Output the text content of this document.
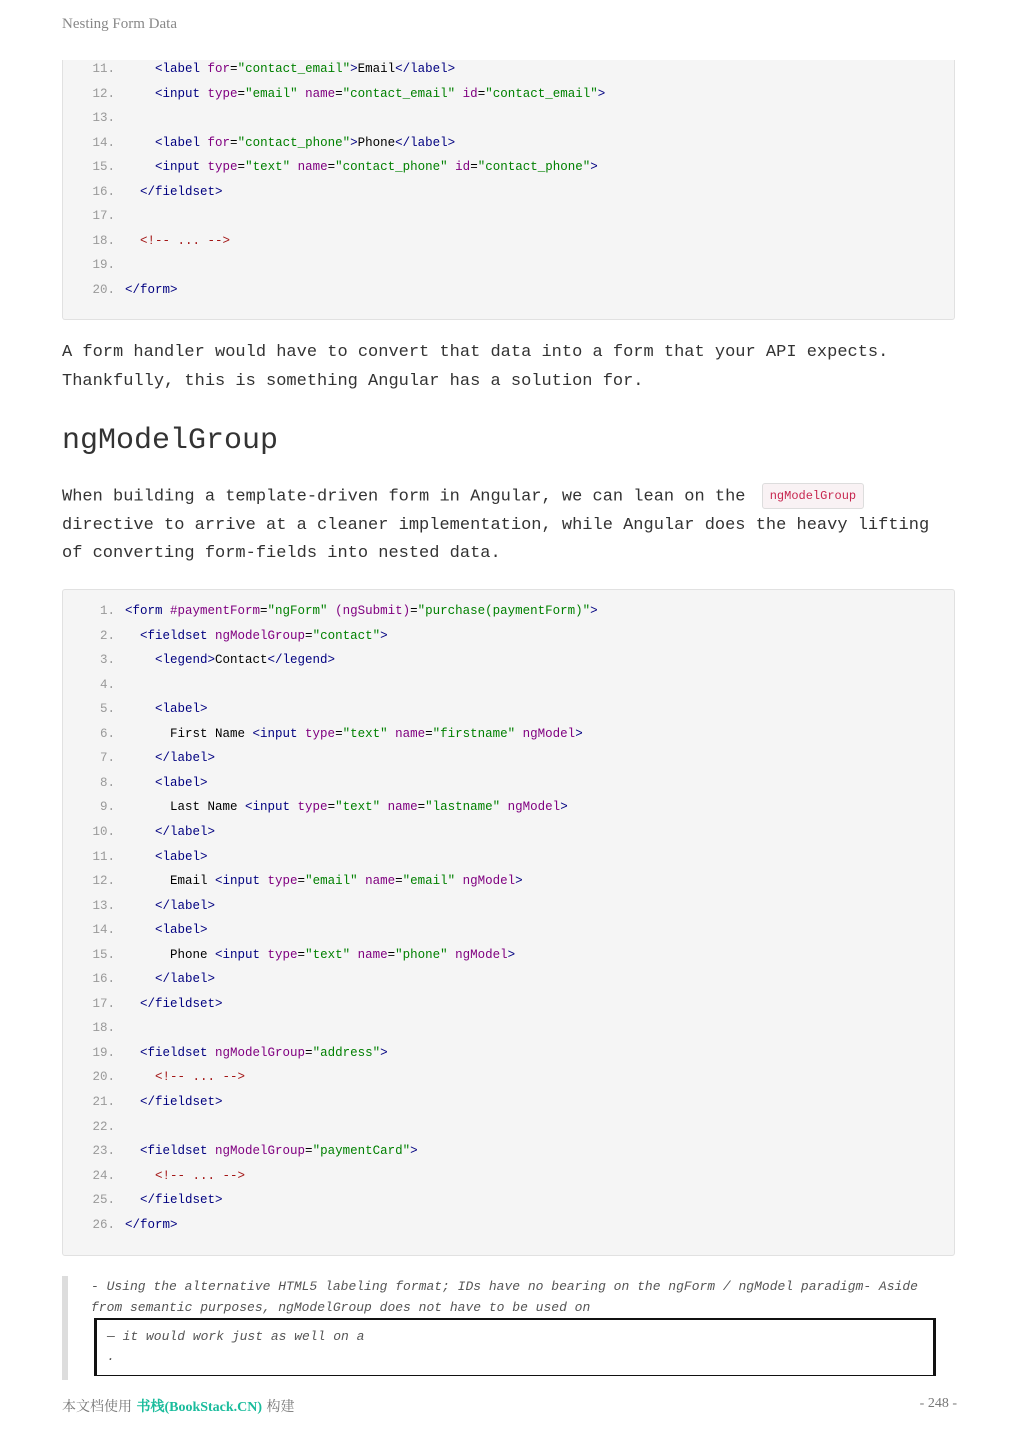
Nesting Form Data
11.	<label for="contact_email">Email</label>
12.	<input type="email" name="contact_email" id="contact_email">
13.
14.	<label for="contact_phone">Phone</label>
15.	<input type="text" name="contact_phone" id="contact_phone">
16.	</fieldset>
17.
18.	<!-- ... -->
19.
20. </form>
A form handler would have to convert that data into a form that your API expects. Thankfully, this is something Angular has a solution for.
ngModelGroup
When building a template-driven form in Angular, we can lean on the ngModelGroup directive to arrive at a cleaner implementation, while Angular does the heavy lifting of converting form-fields into nested data.
1. <form #paymentForm="ngForm" (ngSubmit)="purchase(paymentForm)">
2.	<fieldset ngModelGroup="contact">
3.	<legend>Contact</legend>
4.
5.	<label>
6. First Name <input type="text" name="firstname" ngModel>
7.	</label>
8.	<label>
9. Last Name <input type="text" name="lastname" ngModel>
10.	</label>
11.	<label>
12. Email <input type="email" name="email" ngModel>
13.	</label>
14.	<label>
15. Phone <input type="text" name="phone" ngModel>
16.	</label>
17.	</fieldset>
18.
19.	<fieldset ngModelGroup="address">
20.	<!-- ... -->
21.	</fieldset>
22.
23.	<fieldset ngModelGroup="paymentCard">
24.	<!-- ... -->
25.	</fieldset>
26. </form>
- Using the alternative HTML5 labeling format; IDs have no bearing on the ngForm / ngModel paradigm- Aside from semantic purposes, ngModelGroup does not have to be used on
— it would work just as well on a
.
本文档使用 书栈(BookStack.CN) 构建	- 248 -
